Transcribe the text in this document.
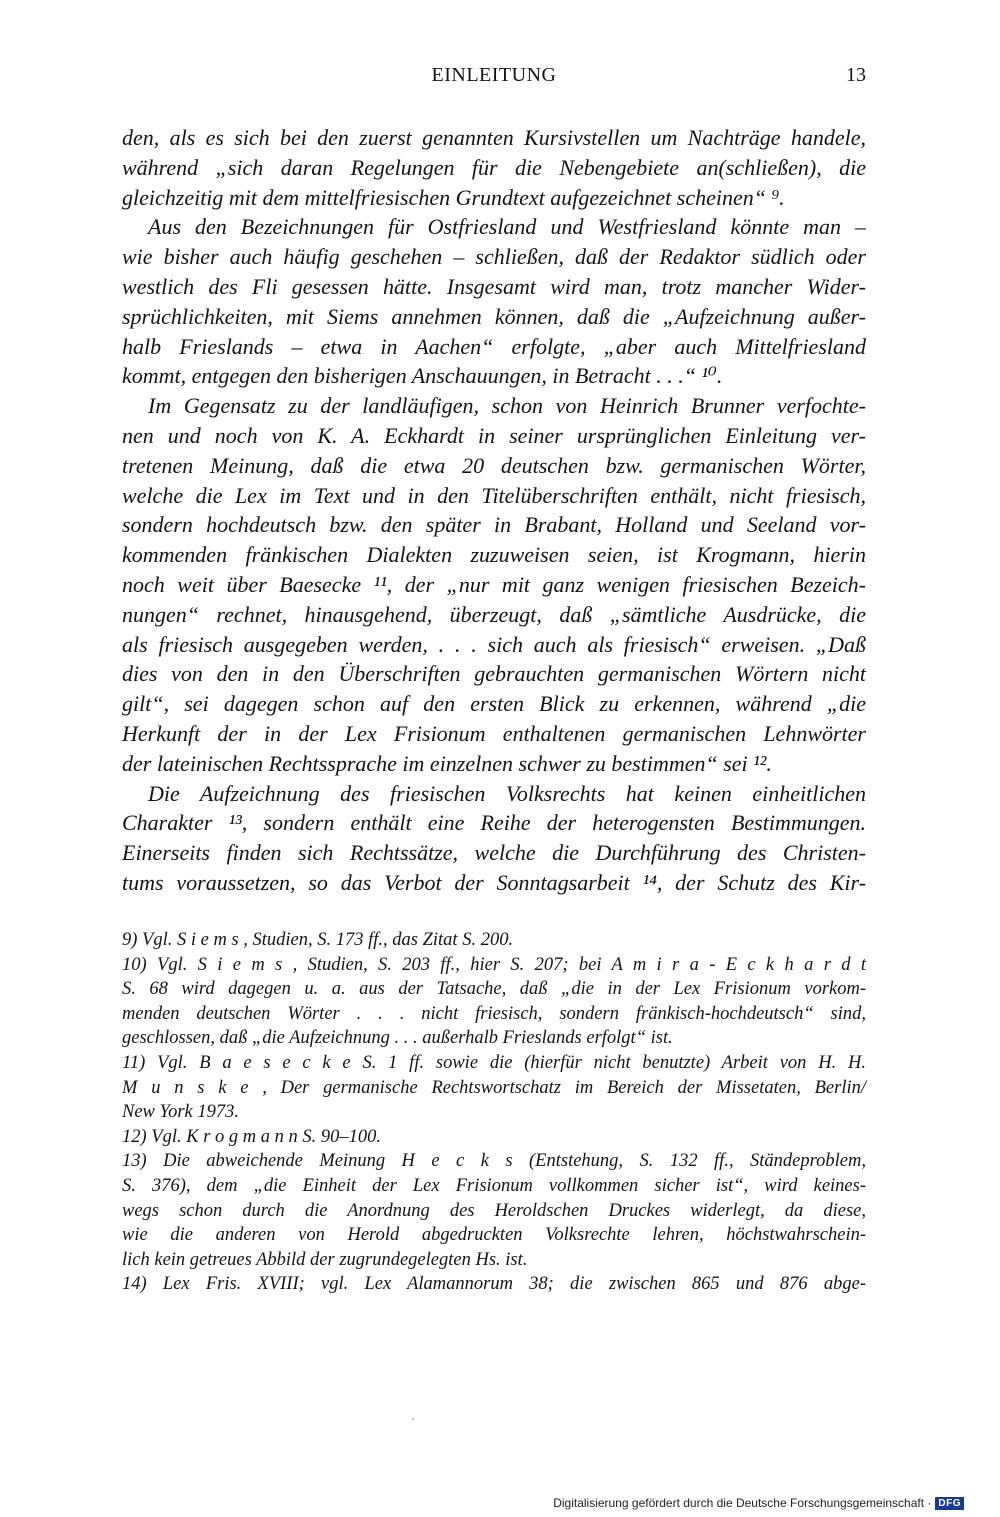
EINLEITUNG	13
den, als es sich bei den zuerst genannten Kursivstellen um Nachträge handele,
während „sich daran Regelungen für die Nebengebiete an(schließen), die
gleichzeitig mit dem mittelfriesischen Grundtext aufgezeichnet scheinen“ ⁹.
Aus den Bezeichnungen für Ostfriesland und Westfriesland könnte man –
wie bisher auch häufig geschehen – schließen, daß der Redaktor südlich oder
westlich des Fli gesessen hätte. Insgesamt wird man, trotz mancher Wider-
sprüchlichkeiten, mit Siems annehmen können, daß die „Aufzeichnung außer-
halb Frieslands – etwa in Aachen“ erfolgte, „aber auch Mittelfriesland
kommt, entgegen den bisherigen Anschauungen, in Betracht . . .“ ¹⁰.
Im Gegensatz zu der landläufigen, schon von Heinrich Brunner verfochte-
nen und noch von K. A. Eckhardt in seiner ursprünglichen Einleitung ver-
tretenen Meinung, daß die etwa 20 deutschen bzw. germanischen Wörter,
welche die Lex im Text und in den Titelüberschriften enthält, nicht friesisch,
sondern hochdeutsch bzw. den später in Brabant, Holland und Seeland vor-
kommenden fränkischen Dialekten zuzuweisen seien, ist Krogmann, hierin
noch weit über Baesecke ¹¹, der „nur mit ganz wenigen friesischen Bezeich-
nungen“ rechnet, hinausgehend, überzeugt, daß „sämtliche Ausdrücke, die
als friesisch ausgegeben werden, . . . sich auch als friesisch“ erweisen. „Daß
dies von den in den Überschriften gebrauchten germanischen Wörtern nicht
gilt“, sei dagegen schon auf den ersten Blick zu erkennen, während „die
Herkunft der in der Lex Frisionum enthaltenen germanischen Lehnwörter
der lateinischen Rechtssprache im einzelnen schwer zu bestimmen“ sei ¹².
Die Aufzeichnung des friesischen Volksrechts hat keinen einheitlichen
Charakter ¹³, sondern enthält eine Reihe der heterogensten Bestimmungen.
Einerseits finden sich Rechtssätze, welche die Durchführung des Christen-
tums voraussetzen, so das Verbot der Sonntagsarbeit ¹⁴, der Schutz des Kir-
9) Vgl. S i e m s , Studien, S. 173 ff., das Zitat S. 200.
10) Vgl. S i e m s , Studien, S. 203 ff., hier S. 207; bei A m i r a - E c k h a r d t
S. 68 wird dagegen u. a. aus der Tatsache, daß „die in der Lex Frisionum vorkom-
menden deutschen Wörter . . . nicht friesisch, sondern fränkisch-hochdeutsch“ sind,
geschlossen, daß „die Aufzeichnung . . . außerhalb Frieslands erfolgt“ ist.
11) Vgl. B a e s e c k e S. 1 ff. sowie die (hierfür nicht benutzte) Arbeit von H. H.
M u n s k e , Der germanische Rechtswortschatz im Bereich der Missetaten, Berlin/
New York 1973.
12) Vgl. K r o g m a n n S. 90–100.
13) Die abweichende Meinung H e c k s (Entstehung, S. 132 ff., Ständeproblem,
S. 376), dem „die Einheit der Lex Frisionum vollkommen sicher ist“, wird keines-
wegs schon durch die Anordnung des Heroldschen Druckes widerlegt, da diese,
wie die anderen von Herold abgedruckten Volksrechte lehren, höchstwahrschein-
lich kein getreues Abbild der zugrundegelegten Hs. ist.
14) Lex Fris. XVIII; vgl. Lex Alamannorum 38; die zwischen 865 und 876 abge-
Digitalisierung gefördert durch die Deutsche Forschungsgemeinschaft · DFG
